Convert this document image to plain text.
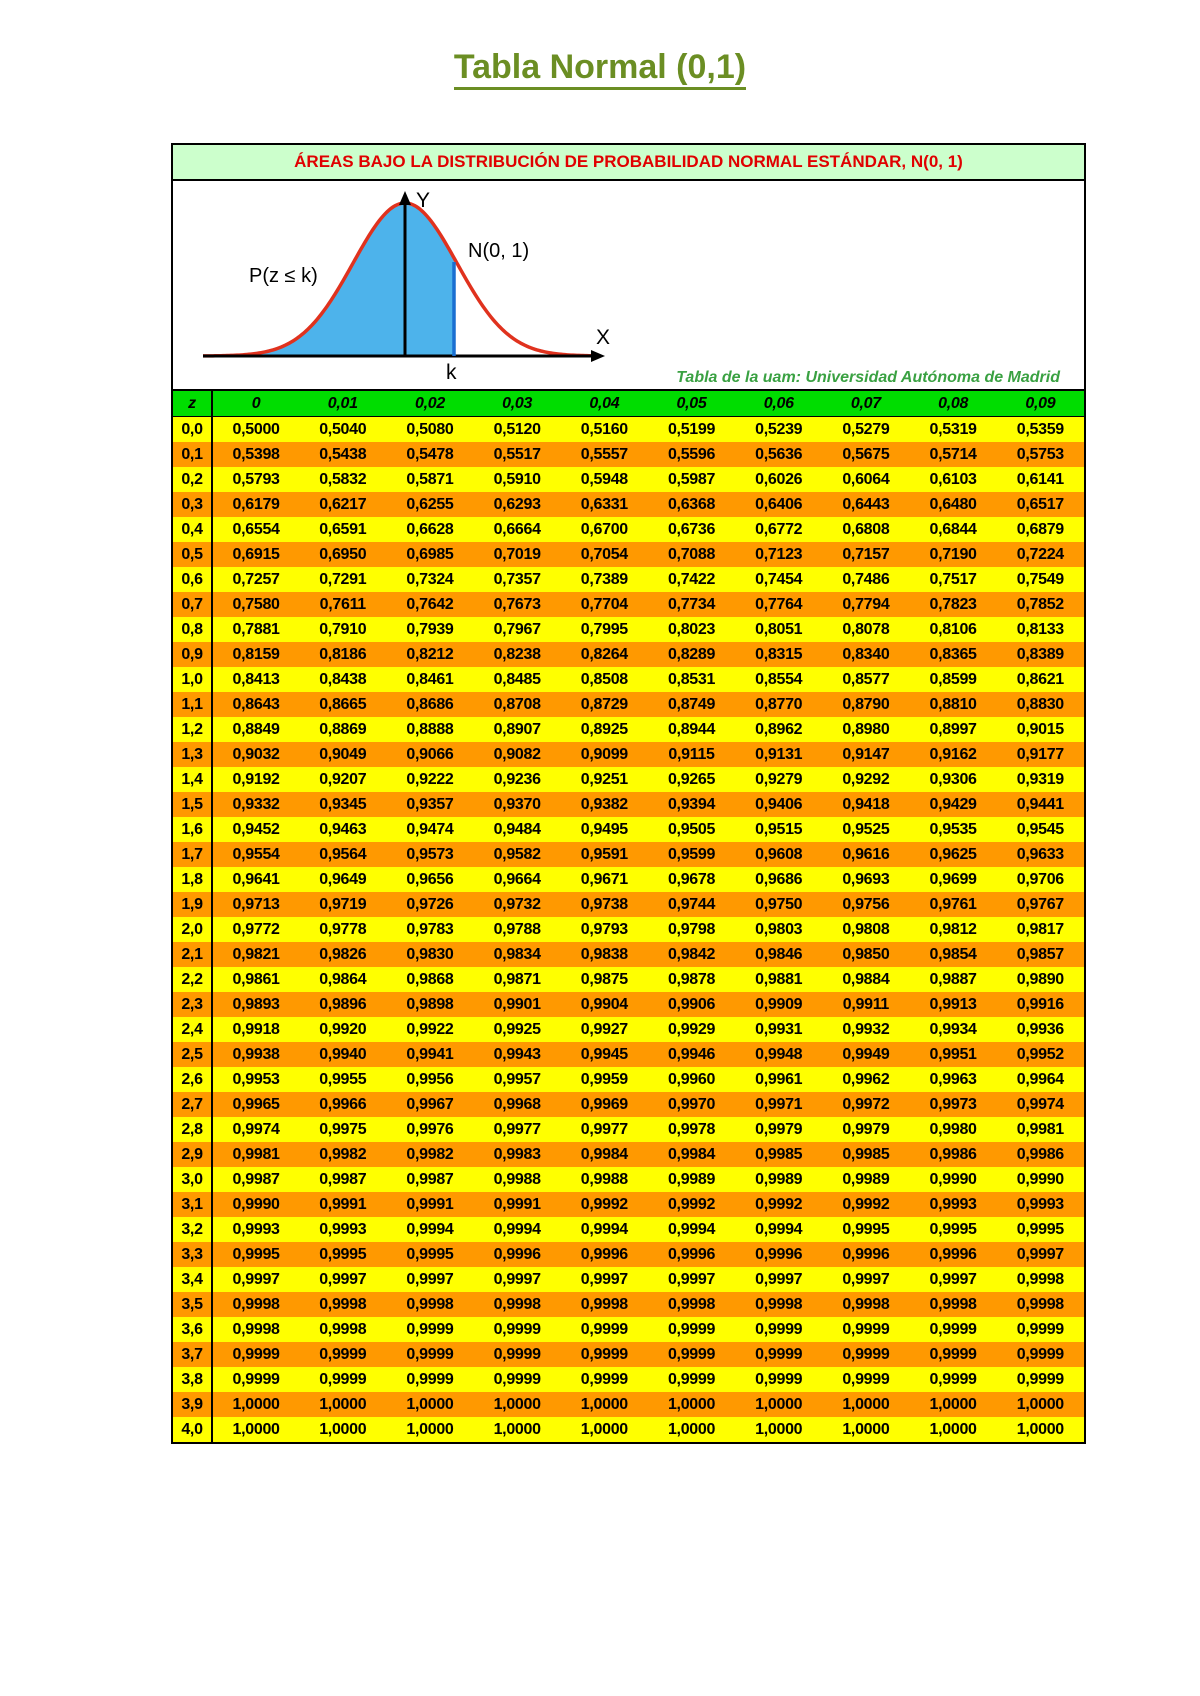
Tabla Normal (0,1)
ÁREAS BAJO LA DISTRIBUCIÓN DE PROBABILIDAD NORMAL ESTÁNDAR, N(0, 1)
Y
X
k
P(z ≤ k)
N(0, 1)
Tabla de la uam: Universidad Autónoma de Madrid
z	0	0,01	0,02	0,03	0,04	0,05	0,06	0,07	0,08	0,09
0,0	0,5000	0,5040	0,5080	0,5120	0,5160	0,5199	0,5239	0,5279	0,5319	0,5359
0,1	0,5398	0,5438	0,5478	0,5517	0,5557	0,5596	0,5636	0,5675	0,5714	0,5753
0,2	0,5793	0,5832	0,5871	0,5910	0,5948	0,5987	0,6026	0,6064	0,6103	0,6141
0,3	0,6179	0,6217	0,6255	0,6293	0,6331	0,6368	0,6406	0,6443	0,6480	0,6517
0,4	0,6554	0,6591	0,6628	0,6664	0,6700	0,6736	0,6772	0,6808	0,6844	0,6879
0,5	0,6915	0,6950	0,6985	0,7019	0,7054	0,7088	0,7123	0,7157	0,7190	0,7224
0,6	0,7257	0,7291	0,7324	0,7357	0,7389	0,7422	0,7454	0,7486	0,7517	0,7549
0,7	0,7580	0,7611	0,7642	0,7673	0,7704	0,7734	0,7764	0,7794	0,7823	0,7852
0,8	0,7881	0,7910	0,7939	0,7967	0,7995	0,8023	0,8051	0,8078	0,8106	0,8133
0,9	0,8159	0,8186	0,8212	0,8238	0,8264	0,8289	0,8315	0,8340	0,8365	0,8389
1,0	0,8413	0,8438	0,8461	0,8485	0,8508	0,8531	0,8554	0,8577	0,8599	0,8621
1,1	0,8643	0,8665	0,8686	0,8708	0,8729	0,8749	0,8770	0,8790	0,8810	0,8830
1,2	0,8849	0,8869	0,8888	0,8907	0,8925	0,8944	0,8962	0,8980	0,8997	0,9015
1,3	0,9032	0,9049	0,9066	0,9082	0,9099	0,9115	0,9131	0,9147	0,9162	0,9177
1,4	0,9192	0,9207	0,9222	0,9236	0,9251	0,9265	0,9279	0,9292	0,9306	0,9319
1,5	0,9332	0,9345	0,9357	0,9370	0,9382	0,9394	0,9406	0,9418	0,9429	0,9441
1,6	0,9452	0,9463	0,9474	0,9484	0,9495	0,9505	0,9515	0,9525	0,9535	0,9545
1,7	0,9554	0,9564	0,9573	0,9582	0,9591	0,9599	0,9608	0,9616	0,9625	0,9633
1,8	0,9641	0,9649	0,9656	0,9664	0,9671	0,9678	0,9686	0,9693	0,9699	0,9706
1,9	0,9713	0,9719	0,9726	0,9732	0,9738	0,9744	0,9750	0,9756	0,9761	0,9767
2,0	0,9772	0,9778	0,9783	0,9788	0,9793	0,9798	0,9803	0,9808	0,9812	0,9817
2,1	0,9821	0,9826	0,9830	0,9834	0,9838	0,9842	0,9846	0,9850	0,9854	0,9857
2,2	0,9861	0,9864	0,9868	0,9871	0,9875	0,9878	0,9881	0,9884	0,9887	0,9890
2,3	0,9893	0,9896	0,9898	0,9901	0,9904	0,9906	0,9909	0,9911	0,9913	0,9916
2,4	0,9918	0,9920	0,9922	0,9925	0,9927	0,9929	0,9931	0,9932	0,9934	0,9936
2,5	0,9938	0,9940	0,9941	0,9943	0,9945	0,9946	0,9948	0,9949	0,9951	0,9952
2,6	0,9953	0,9955	0,9956	0,9957	0,9959	0,9960	0,9961	0,9962	0,9963	0,9964
2,7	0,9965	0,9966	0,9967	0,9968	0,9969	0,9970	0,9971	0,9972	0,9973	0,9974
2,8	0,9974	0,9975	0,9976	0,9977	0,9977	0,9978	0,9979	0,9979	0,9980	0,9981
2,9	0,9981	0,9982	0,9982	0,9983	0,9984	0,9984	0,9985	0,9985	0,9986	0,9986
3,0	0,9987	0,9987	0,9987	0,9988	0,9988	0,9989	0,9989	0,9989	0,9990	0,9990
3,1	0,9990	0,9991	0,9991	0,9991	0,9992	0,9992	0,9992	0,9992	0,9993	0,9993
3,2	0,9993	0,9993	0,9994	0,9994	0,9994	0,9994	0,9994	0,9995	0,9995	0,9995
3,3	0,9995	0,9995	0,9995	0,9996	0,9996	0,9996	0,9996	0,9996	0,9996	0,9997
3,4	0,9997	0,9997	0,9997	0,9997	0,9997	0,9997	0,9997	0,9997	0,9997	0,9998
3,5	0,9998	0,9998	0,9998	0,9998	0,9998	0,9998	0,9998	0,9998	0,9998	0,9998
3,6	0,9998	0,9998	0,9999	0,9999	0,9999	0,9999	0,9999	0,9999	0,9999	0,9999
3,7	0,9999	0,9999	0,9999	0,9999	0,9999	0,9999	0,9999	0,9999	0,9999	0,9999
3,8	0,9999	0,9999	0,9999	0,9999	0,9999	0,9999	0,9999	0,9999	0,9999	0,9999
3,9	1,0000	1,0000	1,0000	1,0000	1,0000	1,0000	1,0000	1,0000	1,0000	1,0000
4,0	1,0000	1,0000	1,0000	1,0000	1,0000	1,0000	1,0000	1,0000	1,0000	1,0000
